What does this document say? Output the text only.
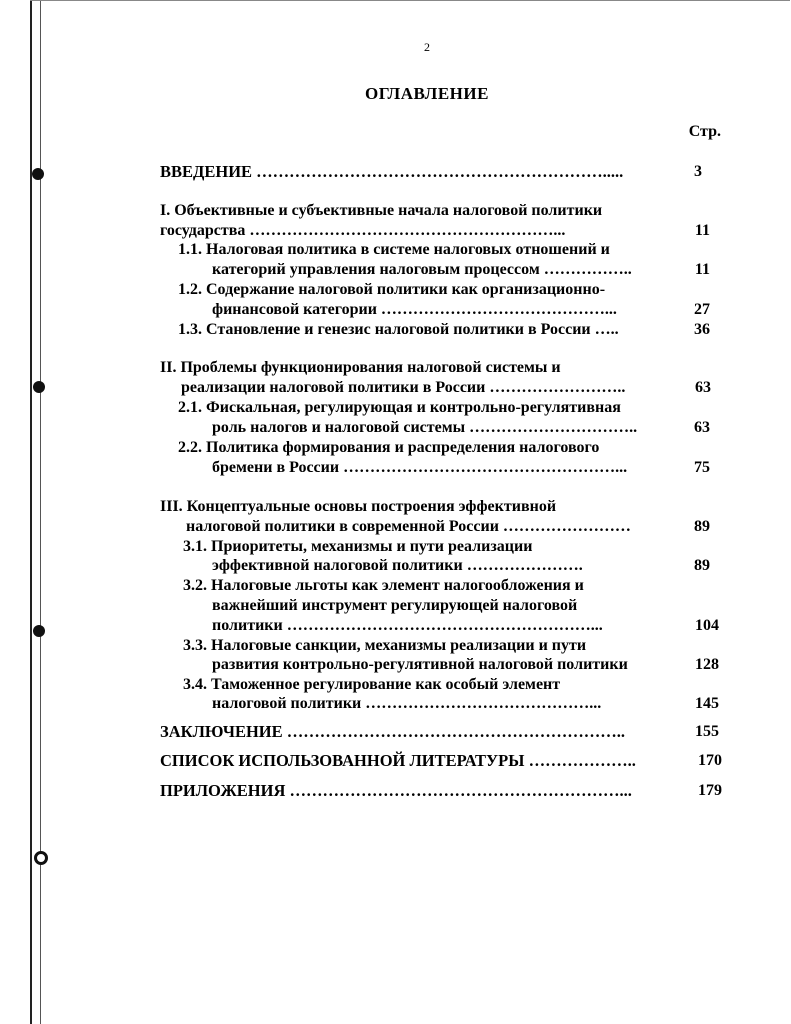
2
ОГЛАВЛЕНИЕ
Стр.
ВВЕДЕНИЕ ……………………………………………………….....	3
I. Объективные и субъективные начала налоговой политики
государства …………………………………………………...	11
1.1. Налоговая политика в системе налоговых отношений и
категорий управления налоговым процессом ……………..	11
1.2. Содержание налоговой политики как организационно-
финансовой категории ……………………………………...	27
1.3. Становление и генезис налоговой политики в России …..	36
II. Проблемы функционирования налоговой системы и
реализации налоговой политики в России ……………………..	63
2.1. Фискальная, регулирующая и контрольно-регулятивная
роль налогов и налоговой системы …………………………..	63
2.2. Политика формирования и распределения налогового
бремени в России ……………………………………………...	75
III. Концептуальные основы построения эффективной
налоговой политики в современной России ……………………	89
3.1. Приоритеты, механизмы и пути реализации
эффективной налоговой политики ………………….	89
3.2. Налоговые льготы как элемент налогообложения и
важнейший инструмент регулирующей налоговой
политики …………………………………………………...	104
3.3. Налоговые санкции, механизмы реализации и пути
развития контрольно-регулятивной налоговой политики	128
3.4. Таможенное регулирование как особый элемент
налоговой политики ……………………………………...	145
ЗАКЛЮЧЕНИЕ ……………………………………………………..	155
СПИСОК ИСПОЛЬЗОВАННОЙ ЛИТЕРАТУРЫ ………………..	170
ПРИЛОЖЕНИЯ ……………………………………………………...	179
